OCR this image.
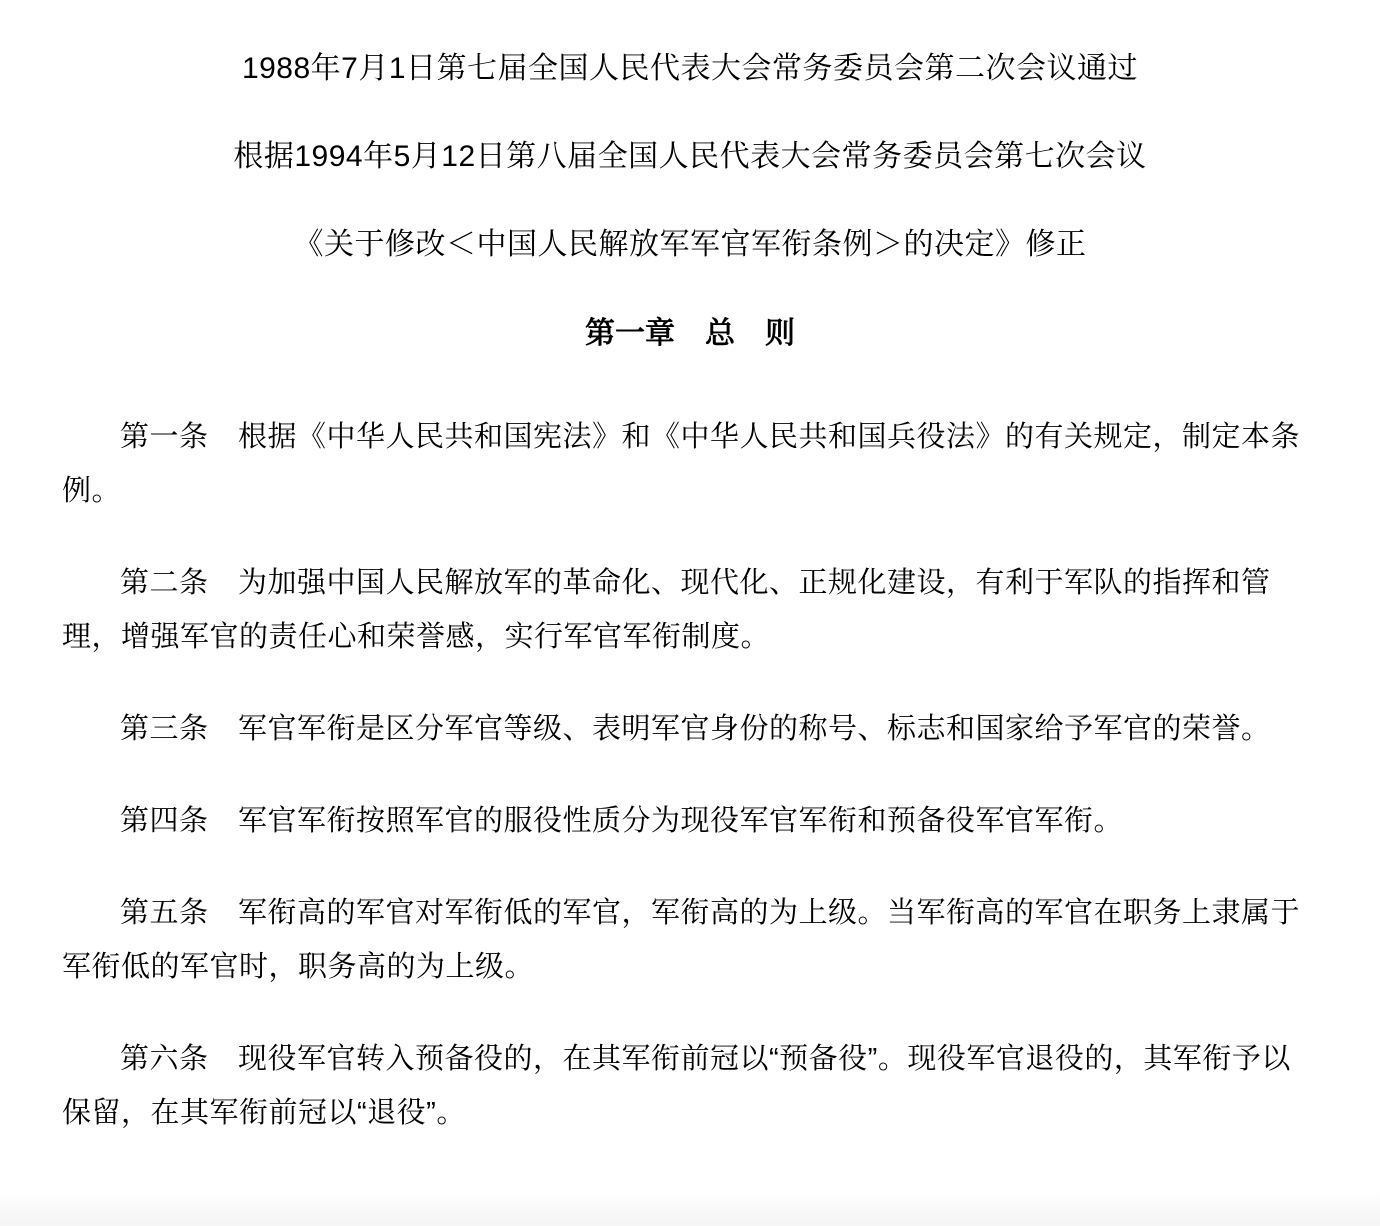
1988年7月1日第七届全国人民代表大会常务委员会第二次会议通过

根据1994年5月12日第八届全国人民代表大会常务委员会第七次会议

《关于修改＜中国人民解放军军官军衔条例＞的决定》修正

第一章　总　则

第一条　根据《中华人民共和国宪法》和《中华人民共和国兵役法》的有关规定，制定本条例。

第二条　为加强中国人民解放军的革命化、现代化、正规化建设，有利于军队的指挥和管理，增强军官的责任心和荣誉感，实行军官军衔制度。

第三条　军官军衔是区分军官等级、表明军官身份的称号、标志和国家给予军官的荣誉。

第四条　军官军衔按照军官的服役性质分为现役军官军衔和预备役军官军衔。

第五条　军衔高的军官对军衔低的军官，军衔高的为上级。当军衔高的军官在职务上隶属于军衔低的军官时，职务高的为上级。

第六条　现役军官转入预备役的，在其军衔前冠以“预备役”。现役军官退役的，其军衔予以保留，在其军衔前冠以“退役”。
